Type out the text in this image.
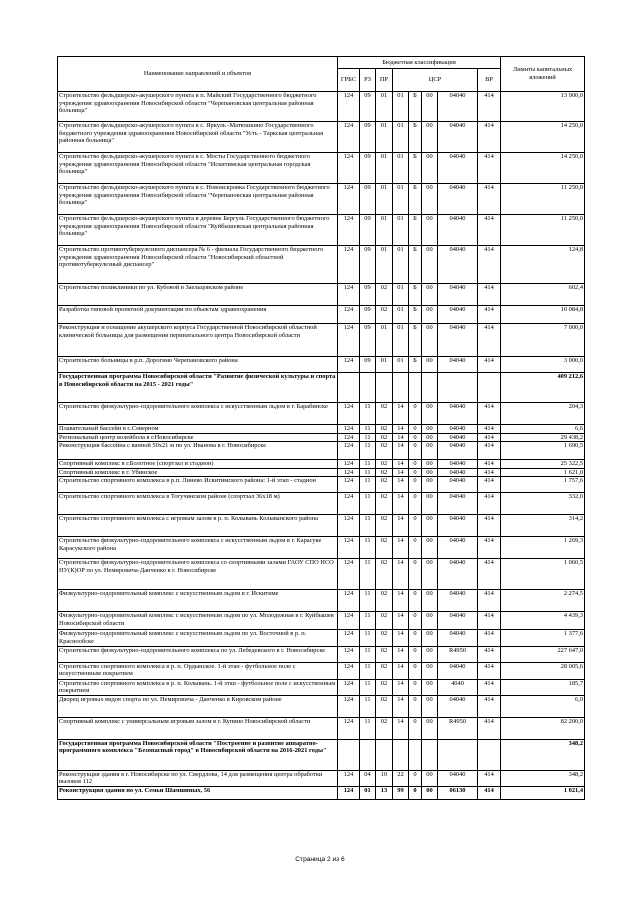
Наименование направлений и объектов	Бюджетная классификация								Лимиты капитальных вложений
	ГРБС	РЗ	ПР	ЦСР				ВР	
Строительство фельдшерско-акушерского пункта в п. Майский Государственного бюджетного учреждения здравоохранения Новосибирской области "Черепановская центральная районная больница"	124	09	01	01	Б	00	04040	414	13 900,0
Строительство фельдшерско-акушерского пункта в с. Яркуль -Матюшкино Государственного бюджетного учреждения здравоохранения Новосибирской области "Усть - Таркская центральная районная больница"	124	09	01	01	Б	00	04040	414	14 250,0
Строительство фельдшерско-акушерского пункта в с. Мосты Государственного бюджетного учреждения здравоохранения Новосибирской области "Искитимская центральная городская больница"	124	09	01	01	Б	00	04040	414	14 250,0
Строительство фельдшерско-акушерского пункта в с. Новоискровка Государственного бюджетного учреждения здравоохранения Новосибирской области "Черепановская центральная районная больница"	124	09	01	01	Б	00	04040	414	11 250,0
Строительство фельдшерско-акушерского пункта в деревне Бергуль Государственного бюджетного учреждения здравоохранения Новосибирской области "Куйбышевская центральная районная больница"	124	09	01	01	Б	00	04040	414	11 250,0
Строительство противотуберкулезного диспансера № 6 - филиала Государственного бюджетного учреждения здравоохранения Новосибирской области "Новосибирский областной противотуберкулезный диспансер"	124	09	01	01	Б	00	04040	414	124,8
Строительство поликлиники по ул. Кубовой в Заельцовском районе	124	09	02	01	Б	00	04040	414	602,4
Разработка типовой проектной документации по объектам здравоохранения	124	09	02	01	Б	00	04040	414	10 084,8
Реконструкция и оснащение акушерского корпуса Государственной Новосибирской областной клинической больницы для размещения перинатального центра Новосибирской области	124	09	01	01	Б	00	04040	414	7 000,0
Строительство больницы в р.п. Дорогино Черепановского района	124	09	01	01	Б	00	04040	414	3 000,0
Государственная программа Новосибирской области "Развитие физической культуры и спорта в Новосибирской области на 2015 - 2021 годы"									409 212,6
Строительство физкультурно-оздоровительного комплекса с искусственным льдом в г. Барабинске	124	11	02	14	0	00	04040	414	204,3
Плавательный бассейн в с.Северном	124	11	02	14	0	00	04040	414	6,6
Региональный центр волейбола в г.Новосибирске	124	11	02	14	0	00	04040	414	29 438,2
Реконструкция бассейна с ванной 50x21 м по ул. Иванова в г. Новосибирске	124	11	02	14	0	00	04040	414	1 690,5
Спортивный комплекс в г.Болотное (спортзал и стадион)	124	11	02	14	0	00	04040	414	25 322,5
Спортивный комплекс в г. Убинское	124	11	02	14	0	00	04040	414	1 621,0
Строительство спортивного комплекса в р.п. Линево Искитимского района: 1-й этап - стадион	124	11	02	14	0	00	04040	414	1 757,6
Строительство спортивного комплекса в Тогучинском районе (спортзал 36x18 м)	124	11	02	14	0	00	04040	414	332,0
Строительство спортивного комплекса с игровым залом в р. п. Колывань Колыванского района	124	11	02	14	0	00	04040	414	314,2
Строительство физкультурно-оздоровительного комплекса с искусственным льдом в г. Карасуке Карасукского района	124	11	02	14	0	00	04040	414	1 269,3
Строительство физкультурно-оздоровительного комплекса со спортивными залами ГАОУ СПО НСО НУ(К)ОР по ул. Немировича-Данченко в г. Новосибирске	124	11	02	14	0	00	04040	414	1 060,5
Физкультурно-оздоровительный комплекс с искусственным льдом в г. Искитиме	124	11	02	14	0	00	04040	414	2 274,5
Физкультурно-оздоровительный комплекс с искусственным льдом по ул. Молодежная в г. Куйбышев Новосибирской области	124	11	02	14	0	00	04040	414	4 439,3
Физкультурно-оздоровительный комплекс с искусственным льдом по ул. Восточной в р. п. Краснообске	124	11	02	14	0	00	04040	414	1 377,6
Строительство физкультурно-оздоровительного комплекса по ул. Лебедевского в г. Новосибирске	124	11	02	14	0	00	R4950	414	227 647,0
Строительство спортивного комплекса в р. п. Ордынское. 1-й этап - футбольное поле с искусственным покрытием	124	11	02	14	0	00	04040	414	28 005,6
Строительство спортивного комплекса в р. п. Колывань. 1-й этап - футбольное поле с искусственным покрытием	124	11	02	14	0	00	4040	414	185,7
Дворец игровых видов спорта по ул. Немировича - Данченко в Кировском районе	124	11	02	14	0	00	04040	414	6,0
Спортивный комплекс с универсальным игровым залом в г. Купино Новосибирской области	124	11	02	14	0	00	R4950	414	82 200,0
Государственная программа Новосибирской области "Построение и развитие аппаратно-программного комплекса "Безопасный город" в Новосибирской области на 2016-2021 годы"									348,2
Реконструкция здания в г. Новосибирске по ул. Свердлова, 14 для размещения центра обработки вызовов 112	124	04	10	22	0	00	04040	414	348,2
Реконструкция здания по ул. Семьи Шамшиных, 56	124	01	13	99	0	00	06130	414	1 021,4
Страница 2 из 6
